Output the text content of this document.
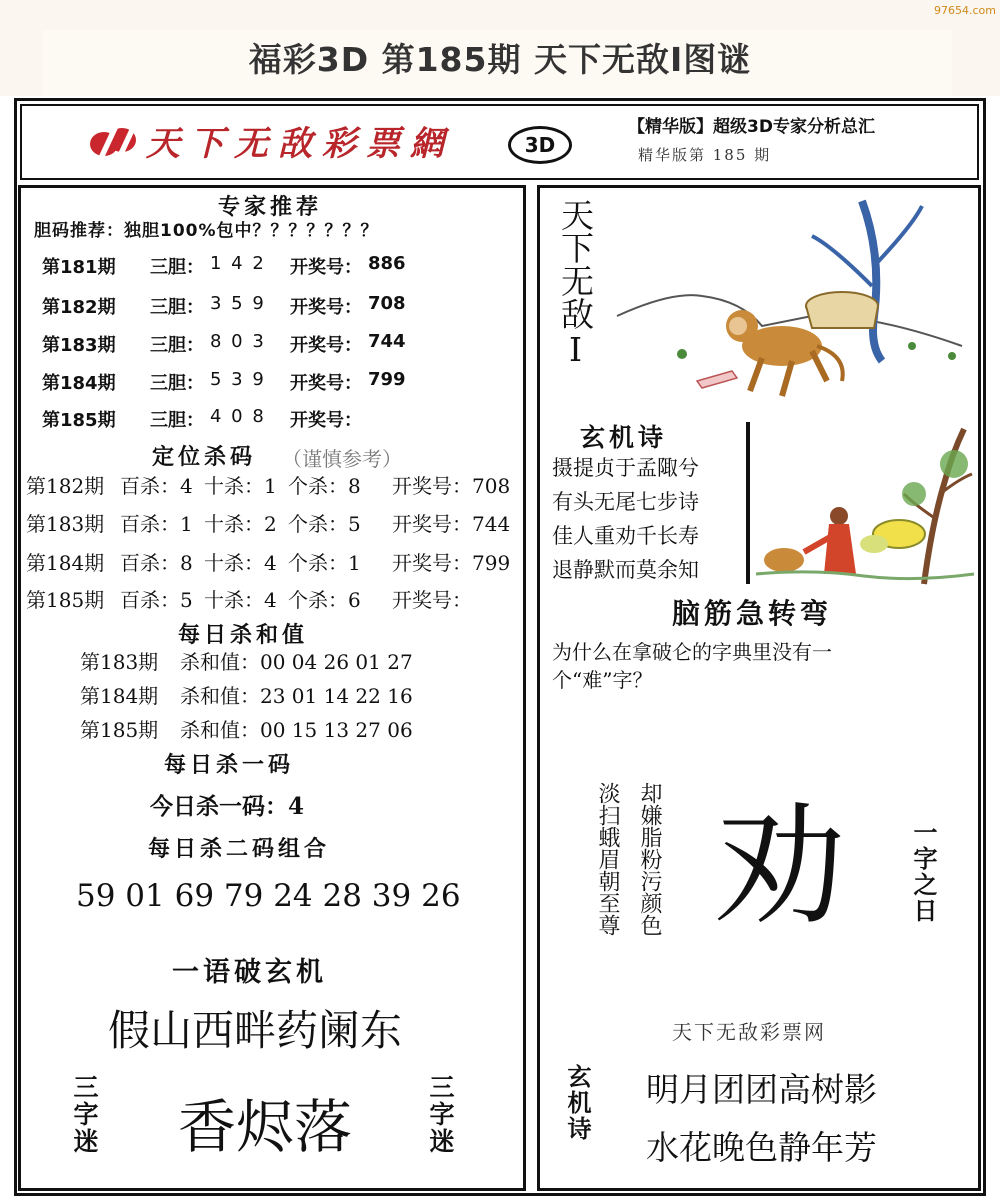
97654.com
福彩3D 第185期 天下无敌Ⅰ图谜
天下无敌彩票網	3D
【精华版】超级3D专家分析总汇
精华版第 185 期
专家推荐
胆码推荐：独胆100%包中？？？？？？？
第181期 三胆： 1 4 2 开奖号： 886
第182期 三胆： 3 5 9 开奖号： 708
第183期 三胆： 8 0 3 开奖号： 744
第184期 三胆： 5 3 9 开奖号： 799
第185期 三胆： 4 0 8 开奖号：
定位杀码 （谨慎参考）
第182期 百杀：4 十杀：1 个杀：8 开奖号：708
第183期 百杀：1 十杀：2 个杀：5 开奖号：744
第184期 百杀：8 十杀：4 个杀：1 开奖号：799
第185期 百杀：5 十杀：4 个杀：6 开奖号：
每日杀和值
第183期 杀和值：00 04 26 01 27
第184期 杀和值：23 01 14 22 16
第185期 杀和值：00 15 13 27 06
每日杀一码
今日杀一码：4
每日杀二码组合
59 01 69 79 24 28 39 26
一语破玄机
假山西畔药阑东
三字迷 香烬落	三字迷
天下无敌Ⅰ
玄机诗
摄提贞于孟陬兮
有头无尾七步诗
佳人重劝千长寿
退静默而莫余知
脑筋急转弯
为什么在拿破仑的字典里没有一
个“难”字？
却嫌脂粉污颜色
淡扫蛾眉朝至尊 劝	一字之日
天下无敌彩票网
玄机诗 明月团团高树影
水花晚色静年芳
